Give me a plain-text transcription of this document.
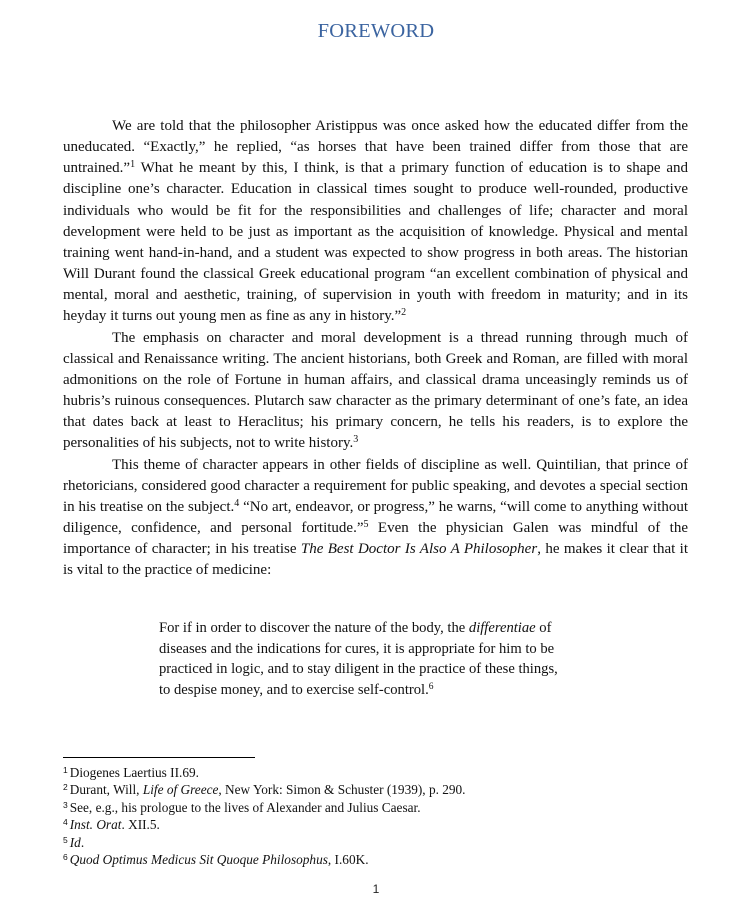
FOREWORD

We are told that the philosopher Aristippus was once asked how the educated differ from the uneducated. “Exactly,” he replied, “as horses that have been trained differ from those that are untrained.”$^1$ What he meant by this, I think, is that a primary function of education is to shape and discipline one’s character. Education in classical times sought to produce well-rounded, productive individuals who would be fit for the responsibilities and challenges of life; character and moral development were held to be just as important as the acquisition of knowledge. Physical and mental training went hand-in-hand, and a student was expected to show progress in both areas. The historian Will Durant found the classical Greek educational program “an excellent combination of physical and mental, moral and aesthetic, training, of supervision in youth with freedom in maturity; and in its heyday it turns out young men as fine as any in history.”$^2$

The emphasis on character and moral development is a thread running through much of classical and Renaissance writing. The ancient historians, both Greek and Roman, are filled with moral admonitions on the role of Fortune in human affairs, and classical drama unceasingly reminds us of hubris’s ruinous consequences. Plutarch saw character as the primary determinant of one’s fate, an idea that dates back at least to Heraclitus; his primary concern, he tells his readers, is to explore the personalities of his subjects, not to write history.$^3$

This theme of character appears in other fields of discipline as well. Quintilian, that prince of rhetoricians, considered good character a requirement for public speaking, and devotes a special section in his treatise on the subject.$^4$ “No art, endeavor, or progress,” he warns, “will come to anything without diligence, confidence, and personal fortitude.”$^5$ Even the physician Galen was mindful of the importance of character; in his treatise The Best Doctor Is Also A Philosopher, he makes it clear that it is vital to the practice of medicine:

For if in order to discover the nature of the body, the differentiae of
diseases and the indications for cures, it is appropriate for him to be
practiced in logic, and to stay diligent in the practice of these things,
to despise money, and to exercise self-control.$^6$
$^1$ Diogenes Laertius II.69.
$^2$ Durant, Will, Life of Greece, New York: Simon & Schuster (1939), p. 290.
$^3$ See, e.g., his prologue to the lives of Alexander and Julius Caesar.
$^4$ Inst. Orat. XII.5.
$^5$ Id.
$^6$ Quod Optimus Medicus Sit Quoque Philosophus, I.60K.
1
